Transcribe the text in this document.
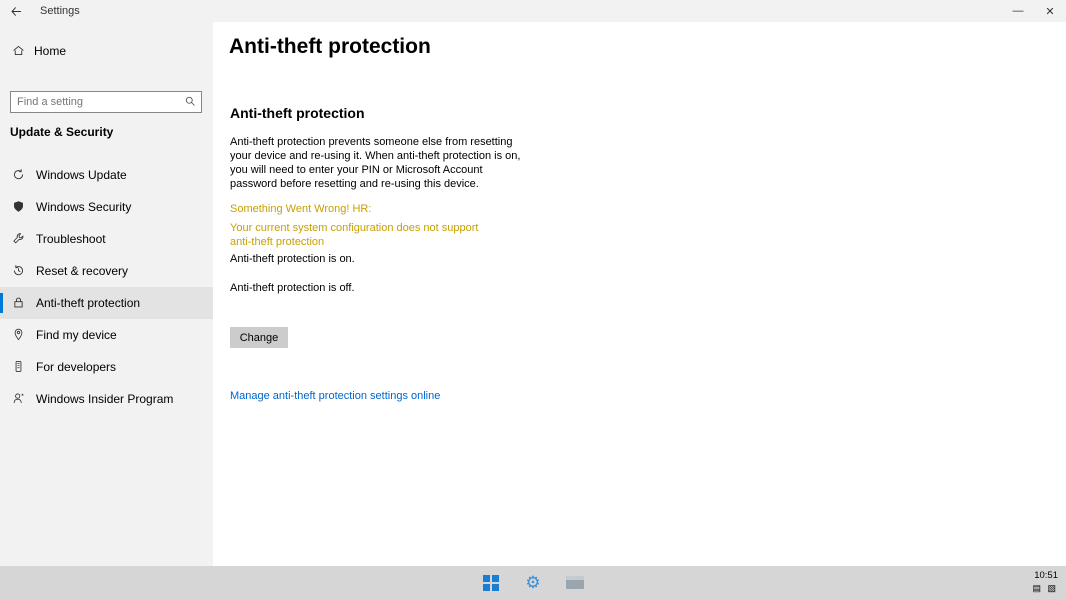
Settings	—	✕
Home
Find a setting
Update & Security
Windows Update
Windows Security
Troubleshoot
Reset & recovery
Anti-theft protection
Find my device
For developers
Windows Insider Program
Anti-theft protection
Anti-theft protection
Anti-theft protection prevents someone else from resetting your device and re-using it. When anti-theft protection is on, you will need to enter your PIN or Microsoft Account password before resetting and re-using this device.
Something Went Wrong! HR:
Your current system configuration does not support anti-theft protection
Anti-theft protection is on.
Anti-theft protection is off.
Change
Manage anti-theft protection settings online
⚙	10:51
▤ ▧
